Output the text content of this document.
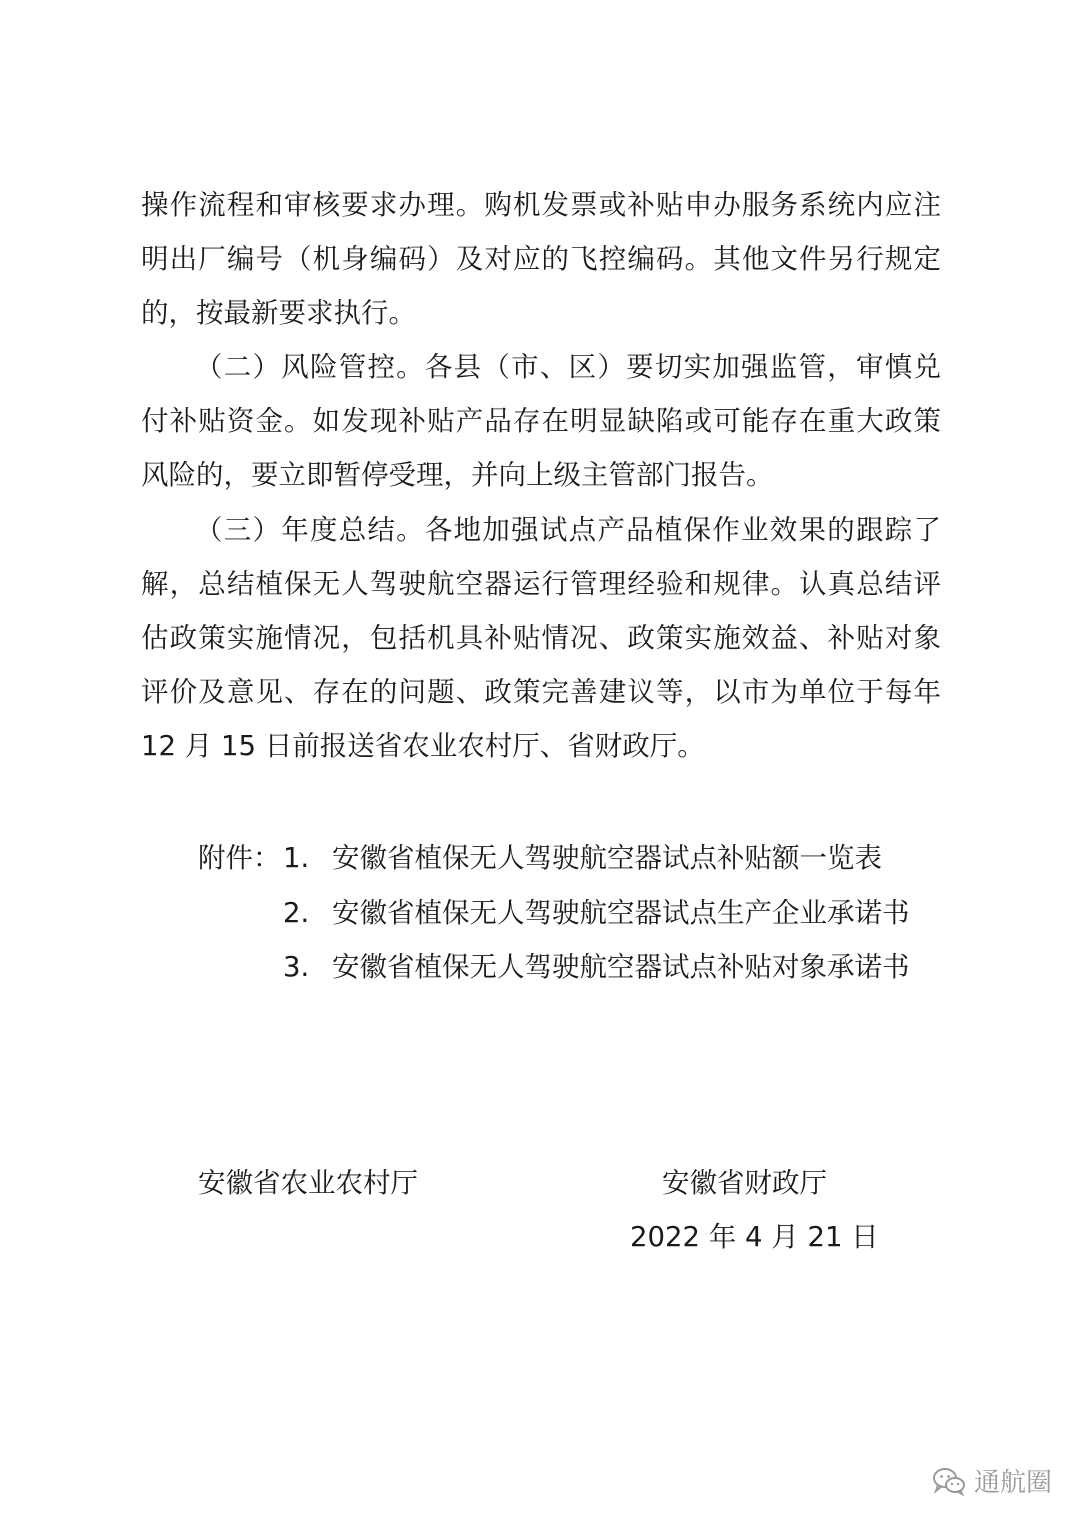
操作流程和审核要求办理。购机发票或补贴申办服务系统内应注
明出厂编号（机身编码）及对应的飞控编码。其他文件另行规定
的，按最新要求执行。
（二）风险管控。各县（市、区）要切实加强监管，审慎兑
付补贴资金。如发现补贴产品存在明显缺陷或可能存在重大政策
风险的，要立即暂停受理，并向上级主管部门报告。
（三）年度总结。各地加强试点产品植保作业效果的跟踪了
解，总结植保无人驾驶航空器运行管理经验和规律。认真总结评
估政策实施情况，包括机具补贴情况、政策实施效益、补贴对象
评价及意见、存在的问题、政策完善建议等，以市为单位于每年
12 月 15 日前报送省农业农村厅、省财政厅。
附件： 1. 安徽省植保无人驾驶航空器试点补贴额一览表
2. 安徽省植保无人驾驶航空器试点生产企业承诺书
3. 安徽省植保无人驾驶航空器试点补贴对象承诺书
安徽省农业农村厅	安徽省财政厅
2022 年 4 月 21 日
通航圈
